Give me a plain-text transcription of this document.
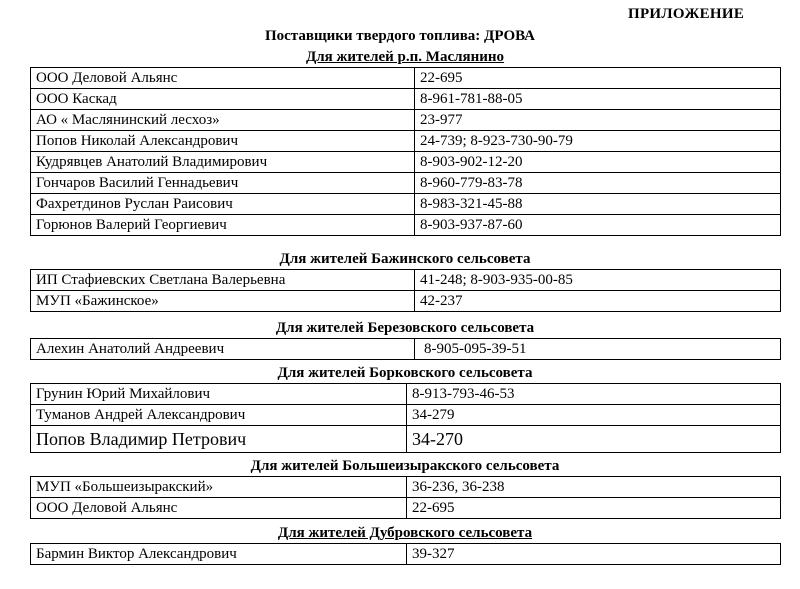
ПРИЛОЖЕНИЕ
Поставщики твердого топлива: ДРОВА
Для жителей р.п. Маслянино
ООО Деловой Альянс	22-695
ООО Каскад	8-961-781-88-05
АО « Маслянинский лесхоз»	23-977
Попов Николай Александрович	24-739; 8-923-730-90-79
Кудрявцев Анатолий Владимирович	8-903-902-12-20
Гончаров Василий Геннадьевич	8-960-779-83-78
Фахретдинов Руслан Раисович	8-983-321-45-88
Горюнов Валерий Георгиевич	8-903-937-87-60
Для жителей Бажинского сельсовета
ИП Стафиевских Светлана Валерьевна	41-248; 8-903-935-00-85
МУП «Бажинское»	42-237
Для жителей Березовского сельсовета
Алехин Анатолий Андреевич	8-905-095-39-51
Для жителей Борковского сельсовета
Грунин Юрий Михайлович	8-913-793-46-53
Туманов Андрей Александрович	34-279
Попов Владимир Петрович	34-270
Для жителей Большеизыракского сельсовета
МУП «Большеизыракский»	36-236, 36-238
ООО Деловой Альянс	22-695
Для жителей Дубровского сельсовета
Бармин Виктор Александрович	39-327
